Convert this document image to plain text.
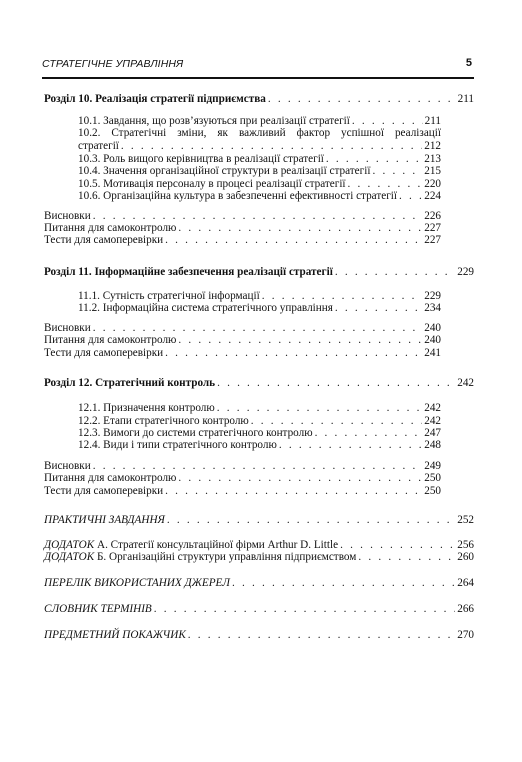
СТРАТЕГІЧНЕ УПРАВЛІННЯ	5
Розділ 10. Реалізація стратегії підприємства . . .	211
10.1. Завдання, що розв’язуються при реалізації стратегії . . .	211
10.2. Стратегічні зміни, як важливий фактор успішної реалізації
стратегії . . .	212
10.3. Роль вищого керівництва в реалізації стратегії . . .	213
10.4. Значення організаційної структури в реалізації стратегії . . .	215
10.5. Мотивація персоналу в процесі реалізації стратегії . . .	220
10.6. Організаційна культура в забезпеченні ефективності стратегії . . . 224
Висновки . . .	226
Питання для самоконтролю . . .	227
Тести для самоперевірки . . .	227
Розділ 11. Інформаційне забезпечення реалізації стратегії . . .	229
11.1. Сутність стратегічної інформації . . .	229
11.2. Інформаційна система стратегічного управління . . .	234
Висновки . . .	240
Питання для самоконтролю . . .	240
Тести для самоперевірки . . .	241
Розділ 12. Стратегічний контроль . . .	242
12.1. Призначення контролю . . .	242
12.2. Етапи стратегічного контролю . . .	242
12.3. Вимоги до системи стратегічного контролю . . .	247
12.4. Види і типи стратегічного контролю . . .	248
Висновки . . .	249
Питання для самоконтролю . . .	250
Тести для самоперевірки . . .	250
ПРАКТИЧНІ ЗАВДАННЯ . . .	252
ДОДАТОК А. Стратегії консультаційної фірми Arthur D. Little . . .	256
ДОДАТОК Б. Організаційні структури управління підприємством . . .	260
ПЕРЕЛІК ВИКОРИСТАНИХ ДЖЕРЕЛ . . .	264
СЛОВНИК ТЕРМІНІВ . . .	266
ПРЕДМЕТНИЙ ПОКАЖЧИК . . .	270
